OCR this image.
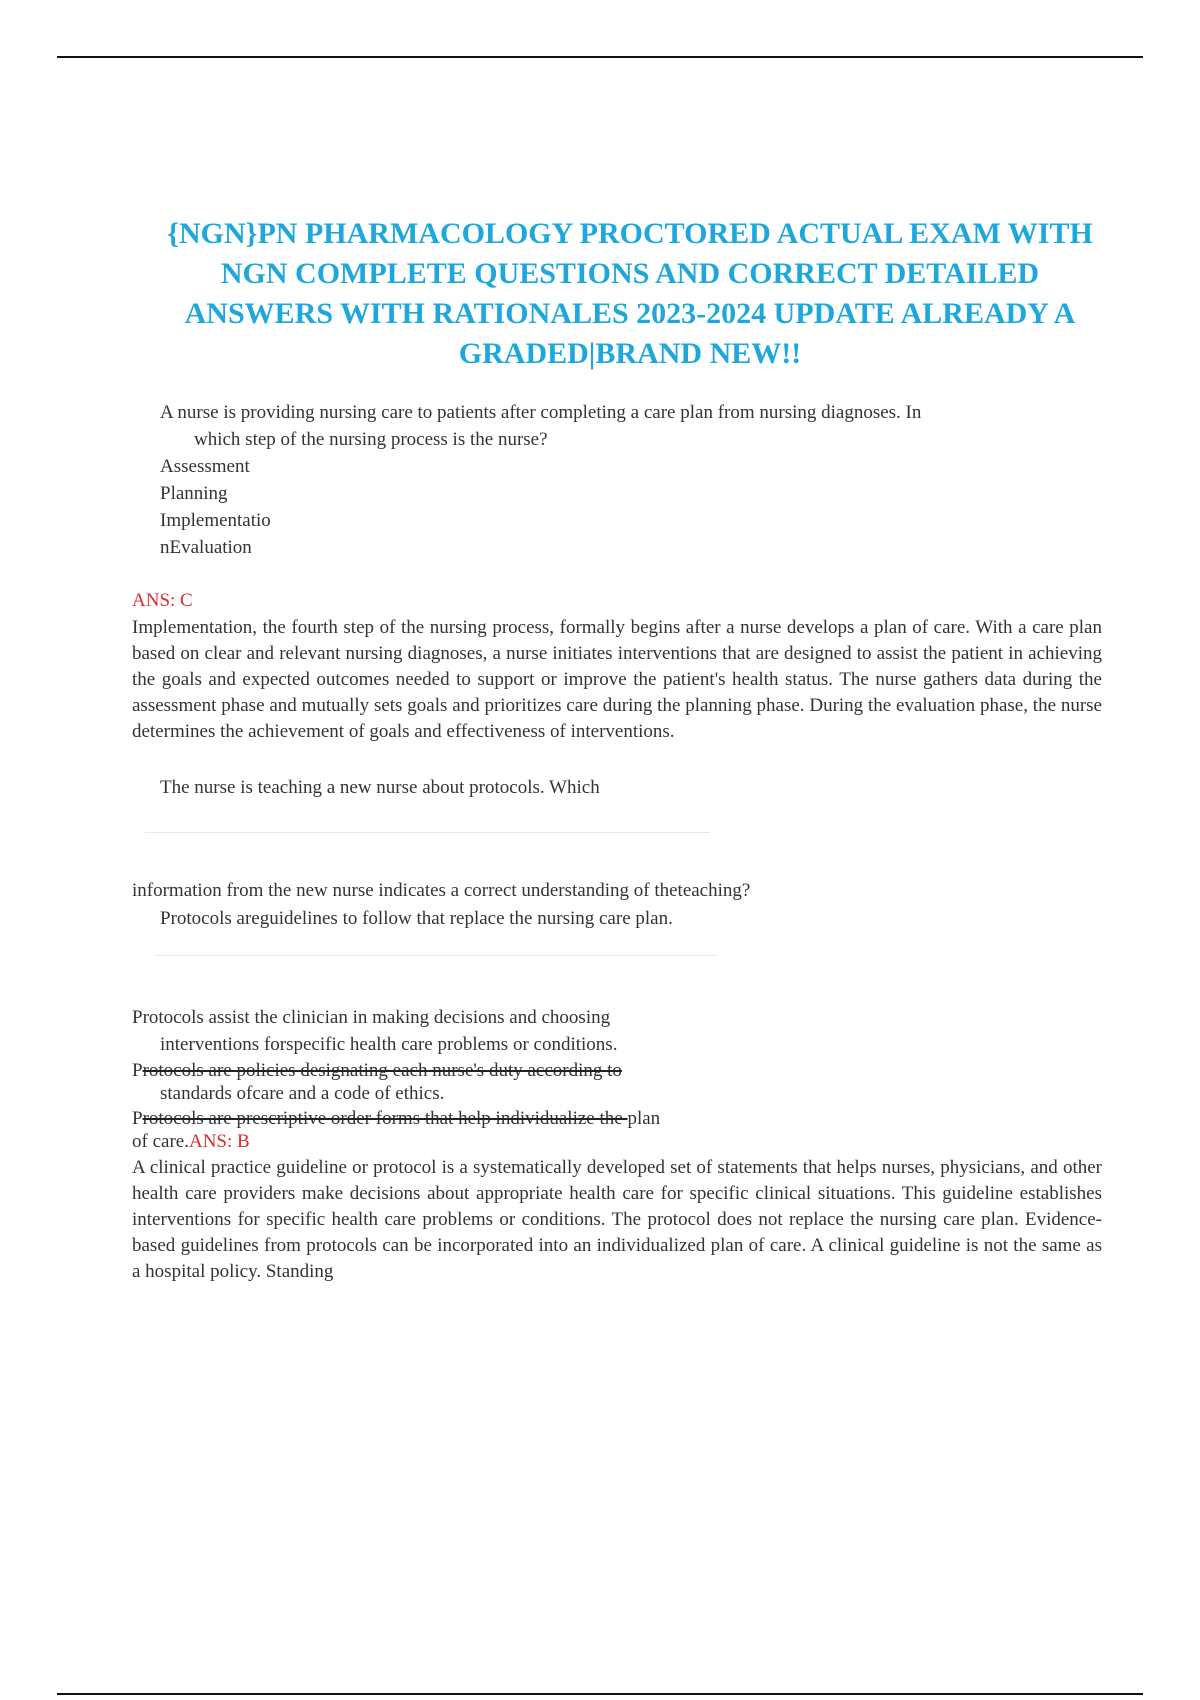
{NGN}PN PHARMACOLOGY PROCTORED ACTUAL EXAM WITH NGN COMPLETE QUESTIONS AND CORRECT DETAILED ANSWERS WITH RATIONALES 2023-2024 UPDATE ALREADY A GRADED|BRAND NEW!!

A nurse is providing nursing care to patients after completing a care plan from nursing diagnoses. In

which step of the nursing process is the nurse?

Assessment

Planning

Implementatio

nEvaluation

ANS: C

Implementation, the fourth step of the nursing process, formally begins after a nurse develops a plan of care. With a care plan based on clear and relevant nursing diagnoses, a nurse initiates interventions that are designed to assist the patient in achieving the goals and expected outcomes needed to support or improve the patient's health status. The nurse gathers data during the assessment phase and mutually sets goals and prioritizes care during the planning phase. During the evaluation phase, the nurse determines the achievement of goals and effectiveness of interventions.

The nurse is teaching a new nurse about protocols. Which

information from the new nurse indicates a correct understanding of theteaching?

Protocols areguidelines to follow that replace the nursing care plan.

Protocols assist the clinician in making decisions and choosing

interventions forspecific health care problems or conditions.

Protocols are policies designating each nurse's duty according to

standards ofcare and a code of ethics.

Protocols are prescriptive order forms that help individualize the plan

of care.ANS: B

A clinical practice guideline or protocol is a systematically developed set of statements that helps nurses, physicians, and other health care providers make decisions about appropriate health care for specific clinical situations. This guideline establishes interventions for specific health care problems or conditions. The protocol does not replace the nursing care plan. Evidence- based guidelines from protocols can be incorporated into an individualized plan of care. A clinical guideline is not the same as a hospital policy. Standing
